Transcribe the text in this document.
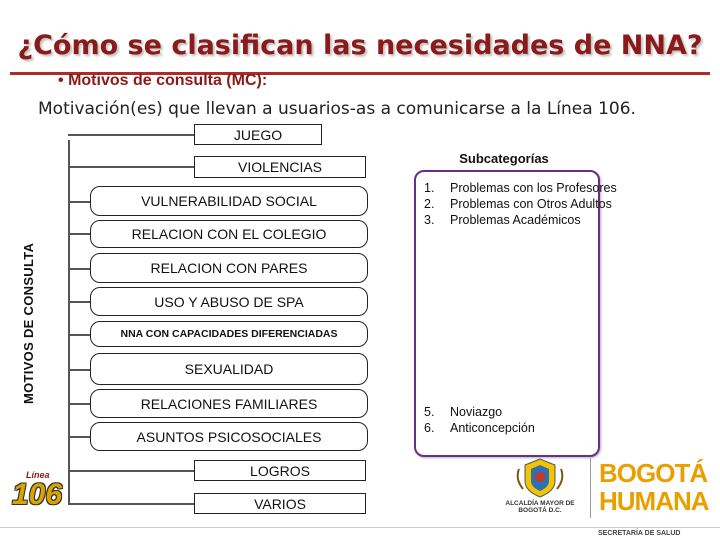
¿Cómo se clasifican las necesidades de NNA?
• Motivos de consulta (MC):
Motivación(es) que llevan a usuarios-as a comunicarse a la Línea 106.
MOTIVOS DE CONSULTA
JUEGO
VIOLENCIAS
VULNERABILIDAD SOCIAL
RELACION CON EL COLEGIO
RELACION CON PARES
USO Y ABUSO DE SPA
NNA CON CAPACIDADES DIFERENCIADAS
SEXUALIDAD
RELACIONES FAMILIARES
ASUNTOS PSICOSOCIALES
LOGROS
VARIOS
Subcategorías
1. Problemas con los Profesores
2. Problemas con Otros Adultos
3. Problemas Académicos
5. Noviazgo
6. Anticoncepción
Línea
106	ALCALDÍA MAYOR DE BOGOTÁ D.C.
BOGOTÁ
HUMANA
SECRETARÍA DE SALUD
